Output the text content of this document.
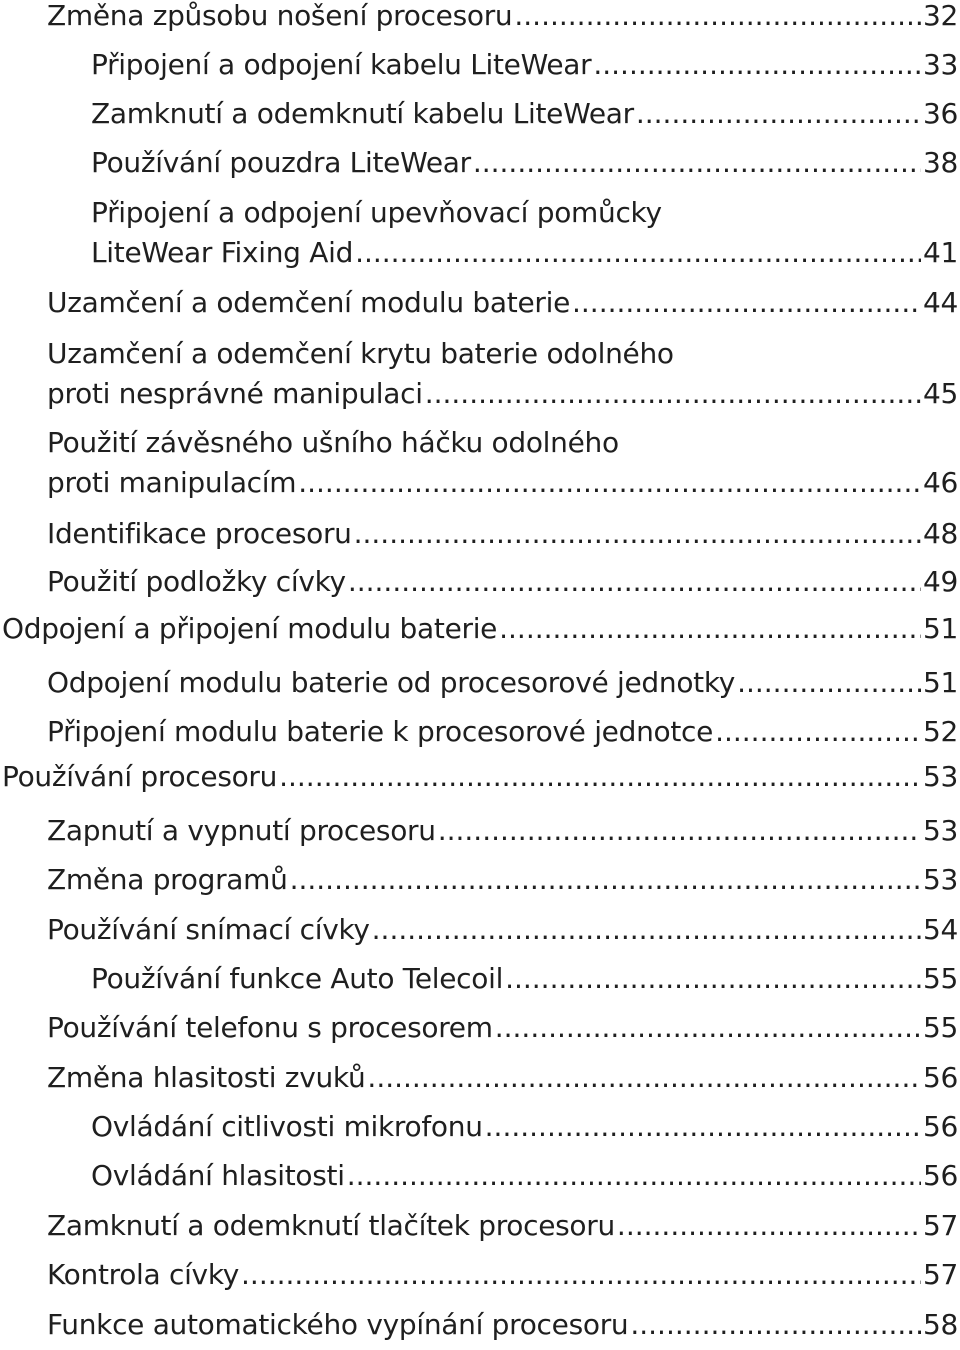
Změna způsobu nošení procesoru .....	32
Připojení a odpojení kabelu LiteWear .....	33
Zamknutí a odemknutí kabelu LiteWear .....	36
Používání pouzdra LiteWear .....	38
Připojení a odpojení upevňovací pomůcky
LiteWear Fixing Aid .....	41
Uzamčení a odemčení modulu baterie .....	44
Uzamčení a odemčení krytu baterie odolného
proti nesprávné manipulaci .....	45
Použití závěsného ušního háčku odolného
proti manipulacím .....	46
Identifikace procesoru .....	48
Použití podložky cívky .....	49
Odpojení a připojení modulu baterie .....	51
Odpojení modulu baterie od procesorové jednotky .....	51
Připojení modulu baterie k procesorové jednotce .....	52
Používání procesoru .....	53
Zapnutí a vypnutí procesoru .....	53
Změna programů .....	53
Používání snímací cívky .....	54
Používání funkce Auto Telecoil .....	55
Používání telefonu s procesorem .....	55
Změna hlasitosti zvuků .....	56
Ovládání citlivosti mikrofonu .....	56
Ovládání hlasitosti .....	56
Zamknutí a odemknutí tlačítek procesoru .....	57
Kontrola cívky .....	57
Funkce automatického vypínání procesoru .....	58
